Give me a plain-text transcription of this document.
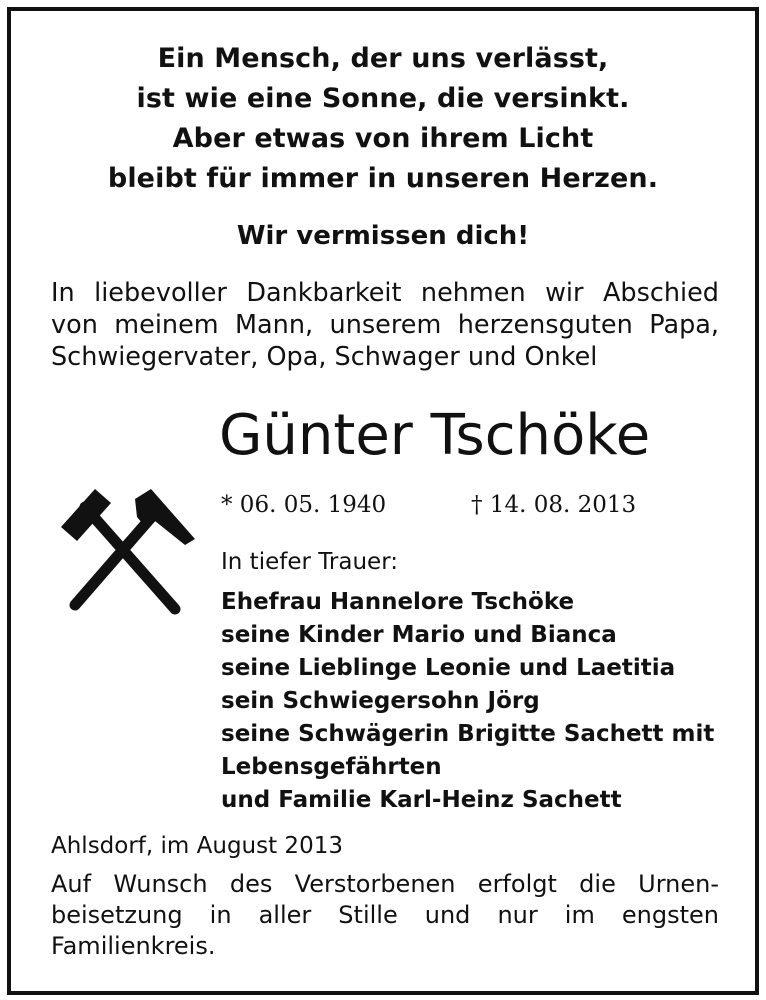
Ein Mensch, der uns verlässt,
ist wie eine Sonne, die versinkt.
Aber etwas von ihrem Licht
bleibt für immer in unseren Herzen.
Wir vermissen dich!
In liebevoller Dankbarkeit nehmen wir Abschied
von meinem Mann, unserem herzensguten Papa,
Schwiegervater, Opa, Schwager und Onkel
Günter Tschöke
* 06. 05. 1940	† 14. 08. 2013
In tiefer Trauer:
Ehefrau Hannelore Tschöke
seine Kinder Mario und Bianca
seine Lieblinge Leonie und Laetitia
sein Schwiegersohn Jörg
seine Schwägerin Brigitte Sachett mit
Lebensgefährten
und Familie Karl-Heinz Sachett
Ahlsdorf, im August 2013
Auf Wunsch des Verstorbenen erfolgt die Urnen-
beisetzung in aller Stille und nur im engsten
Familienkreis.
